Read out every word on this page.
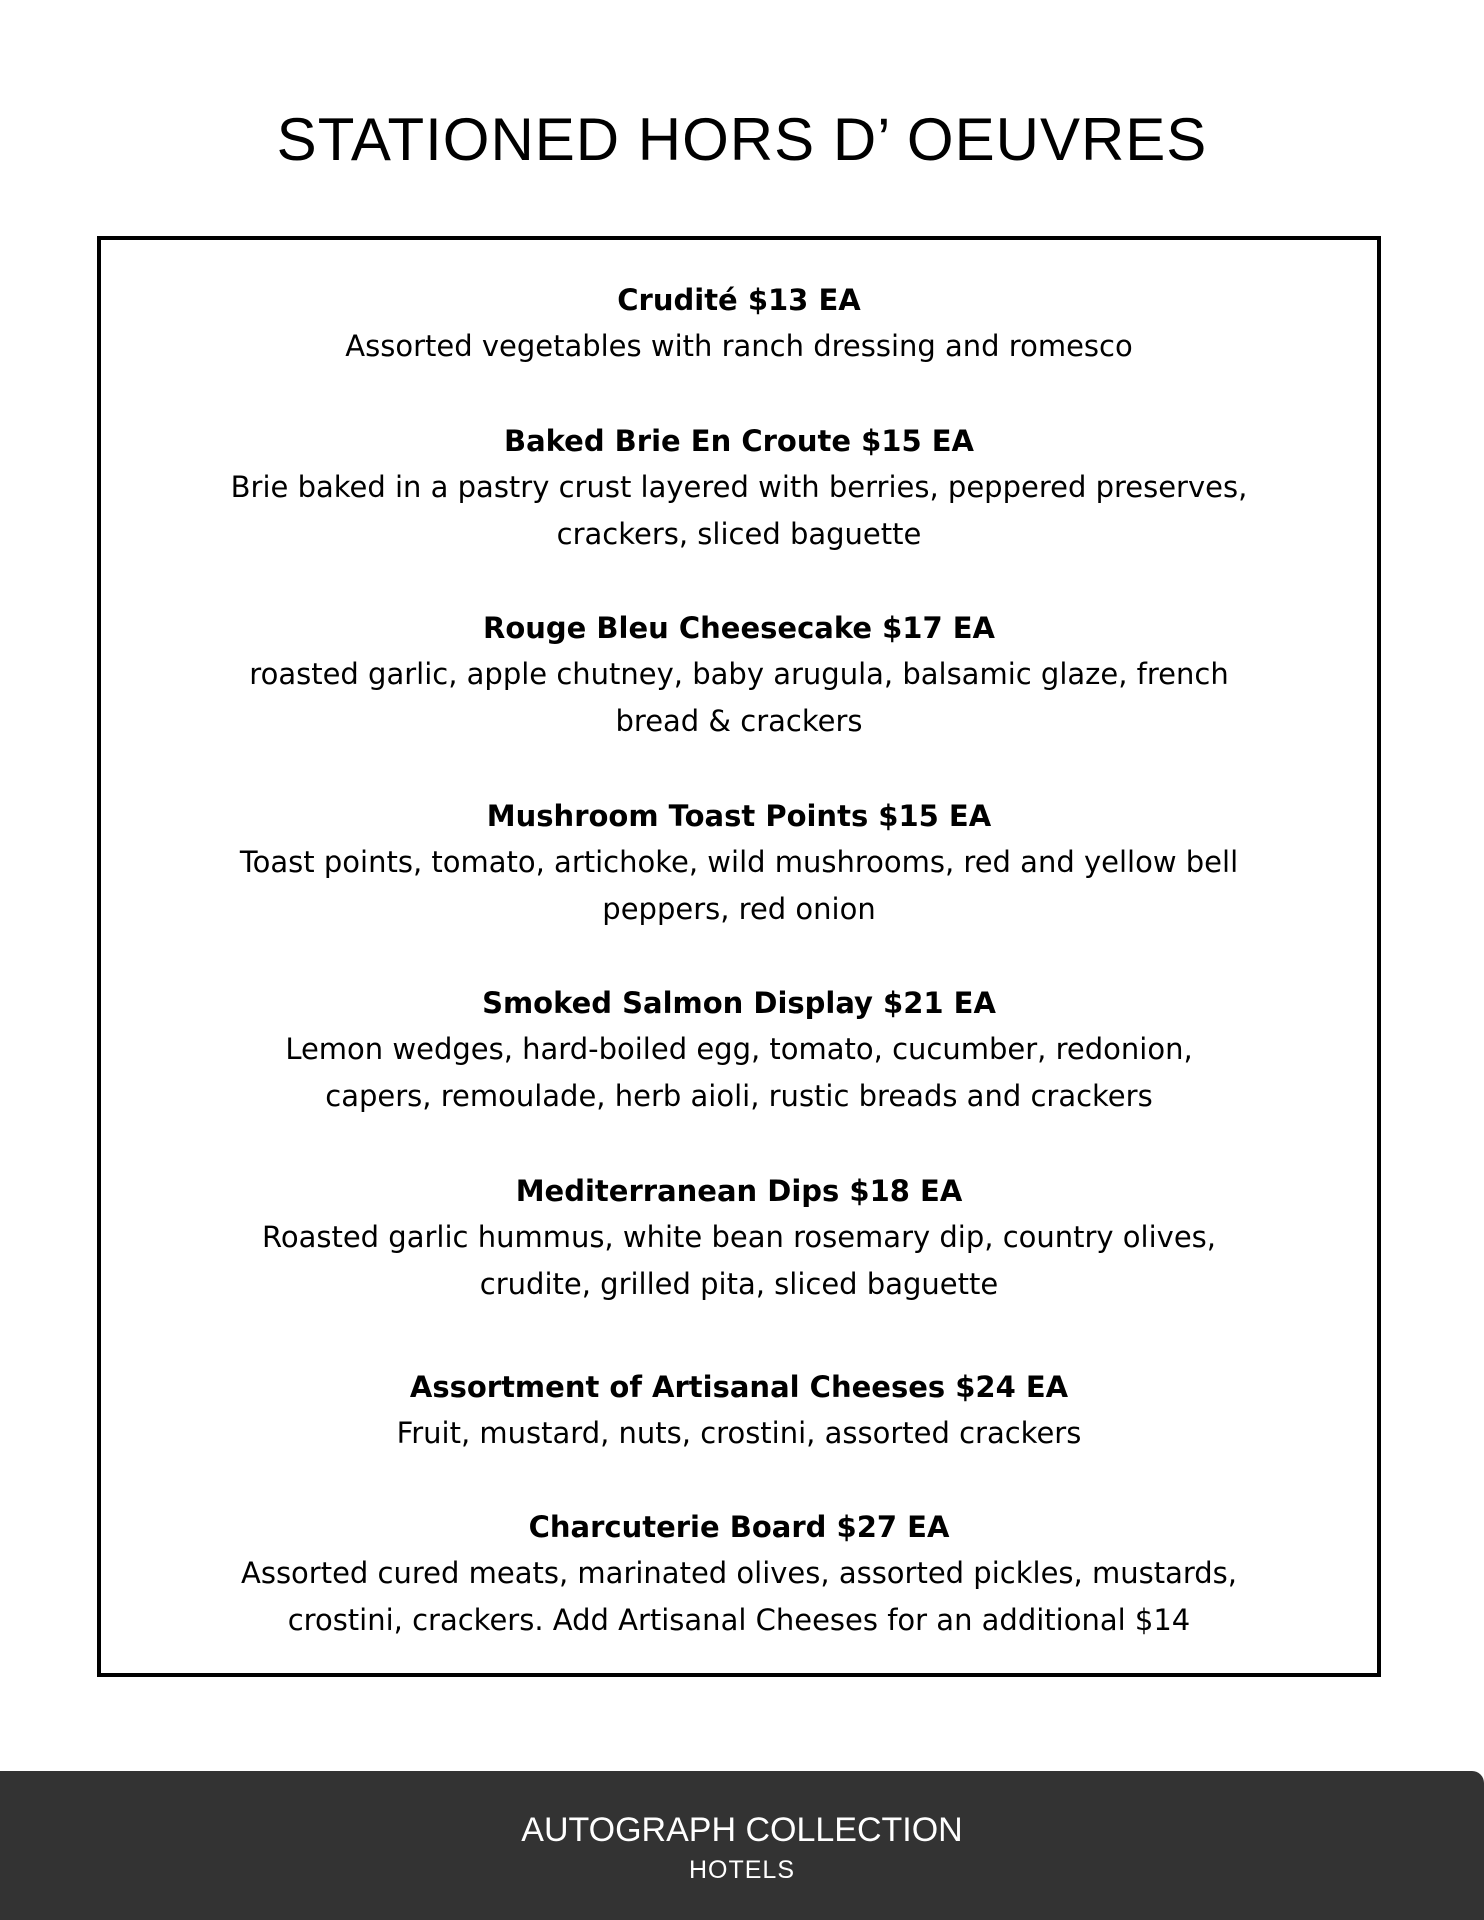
STATIONED HORS D’ OEUVRES

Crudité $13 EA

Assorted vegetables with ranch dressing and romesco

Baked Brie En Croute $15 EA

Brie baked in a pastry crust layered with berries, peppered preserves, crackers, sliced baguette

Rouge Bleu Cheesecake $17 EA

roasted garlic, apple chutney, baby arugula, balsamic glaze, french bread & crackers

Mushroom Toast Points $15 EA

Toast points, tomato, artichoke, wild mushrooms, red and yellow bell peppers, red onion

Smoked Salmon Display $21 EA

Lemon wedges, hard-boiled egg, tomato, cucumber, redonion, capers, remoulade, herb aioli, rustic breads and crackers

Mediterranean Dips $18 EA

Roasted garlic hummus, white bean rosemary dip, country olives, crudite, grilled pita, sliced baguette

Assortment of Artisanal Cheeses $24 EA

Fruit, mustard, nuts, crostini, assorted crackers

Charcuterie Board $27 EA

Assorted cured meats, marinated olives, assorted pickles, mustards, crostini, crackers. Add Artisanal Cheeses for an additional $14

AUTOGRAPH COLLECTION
HOTELS
